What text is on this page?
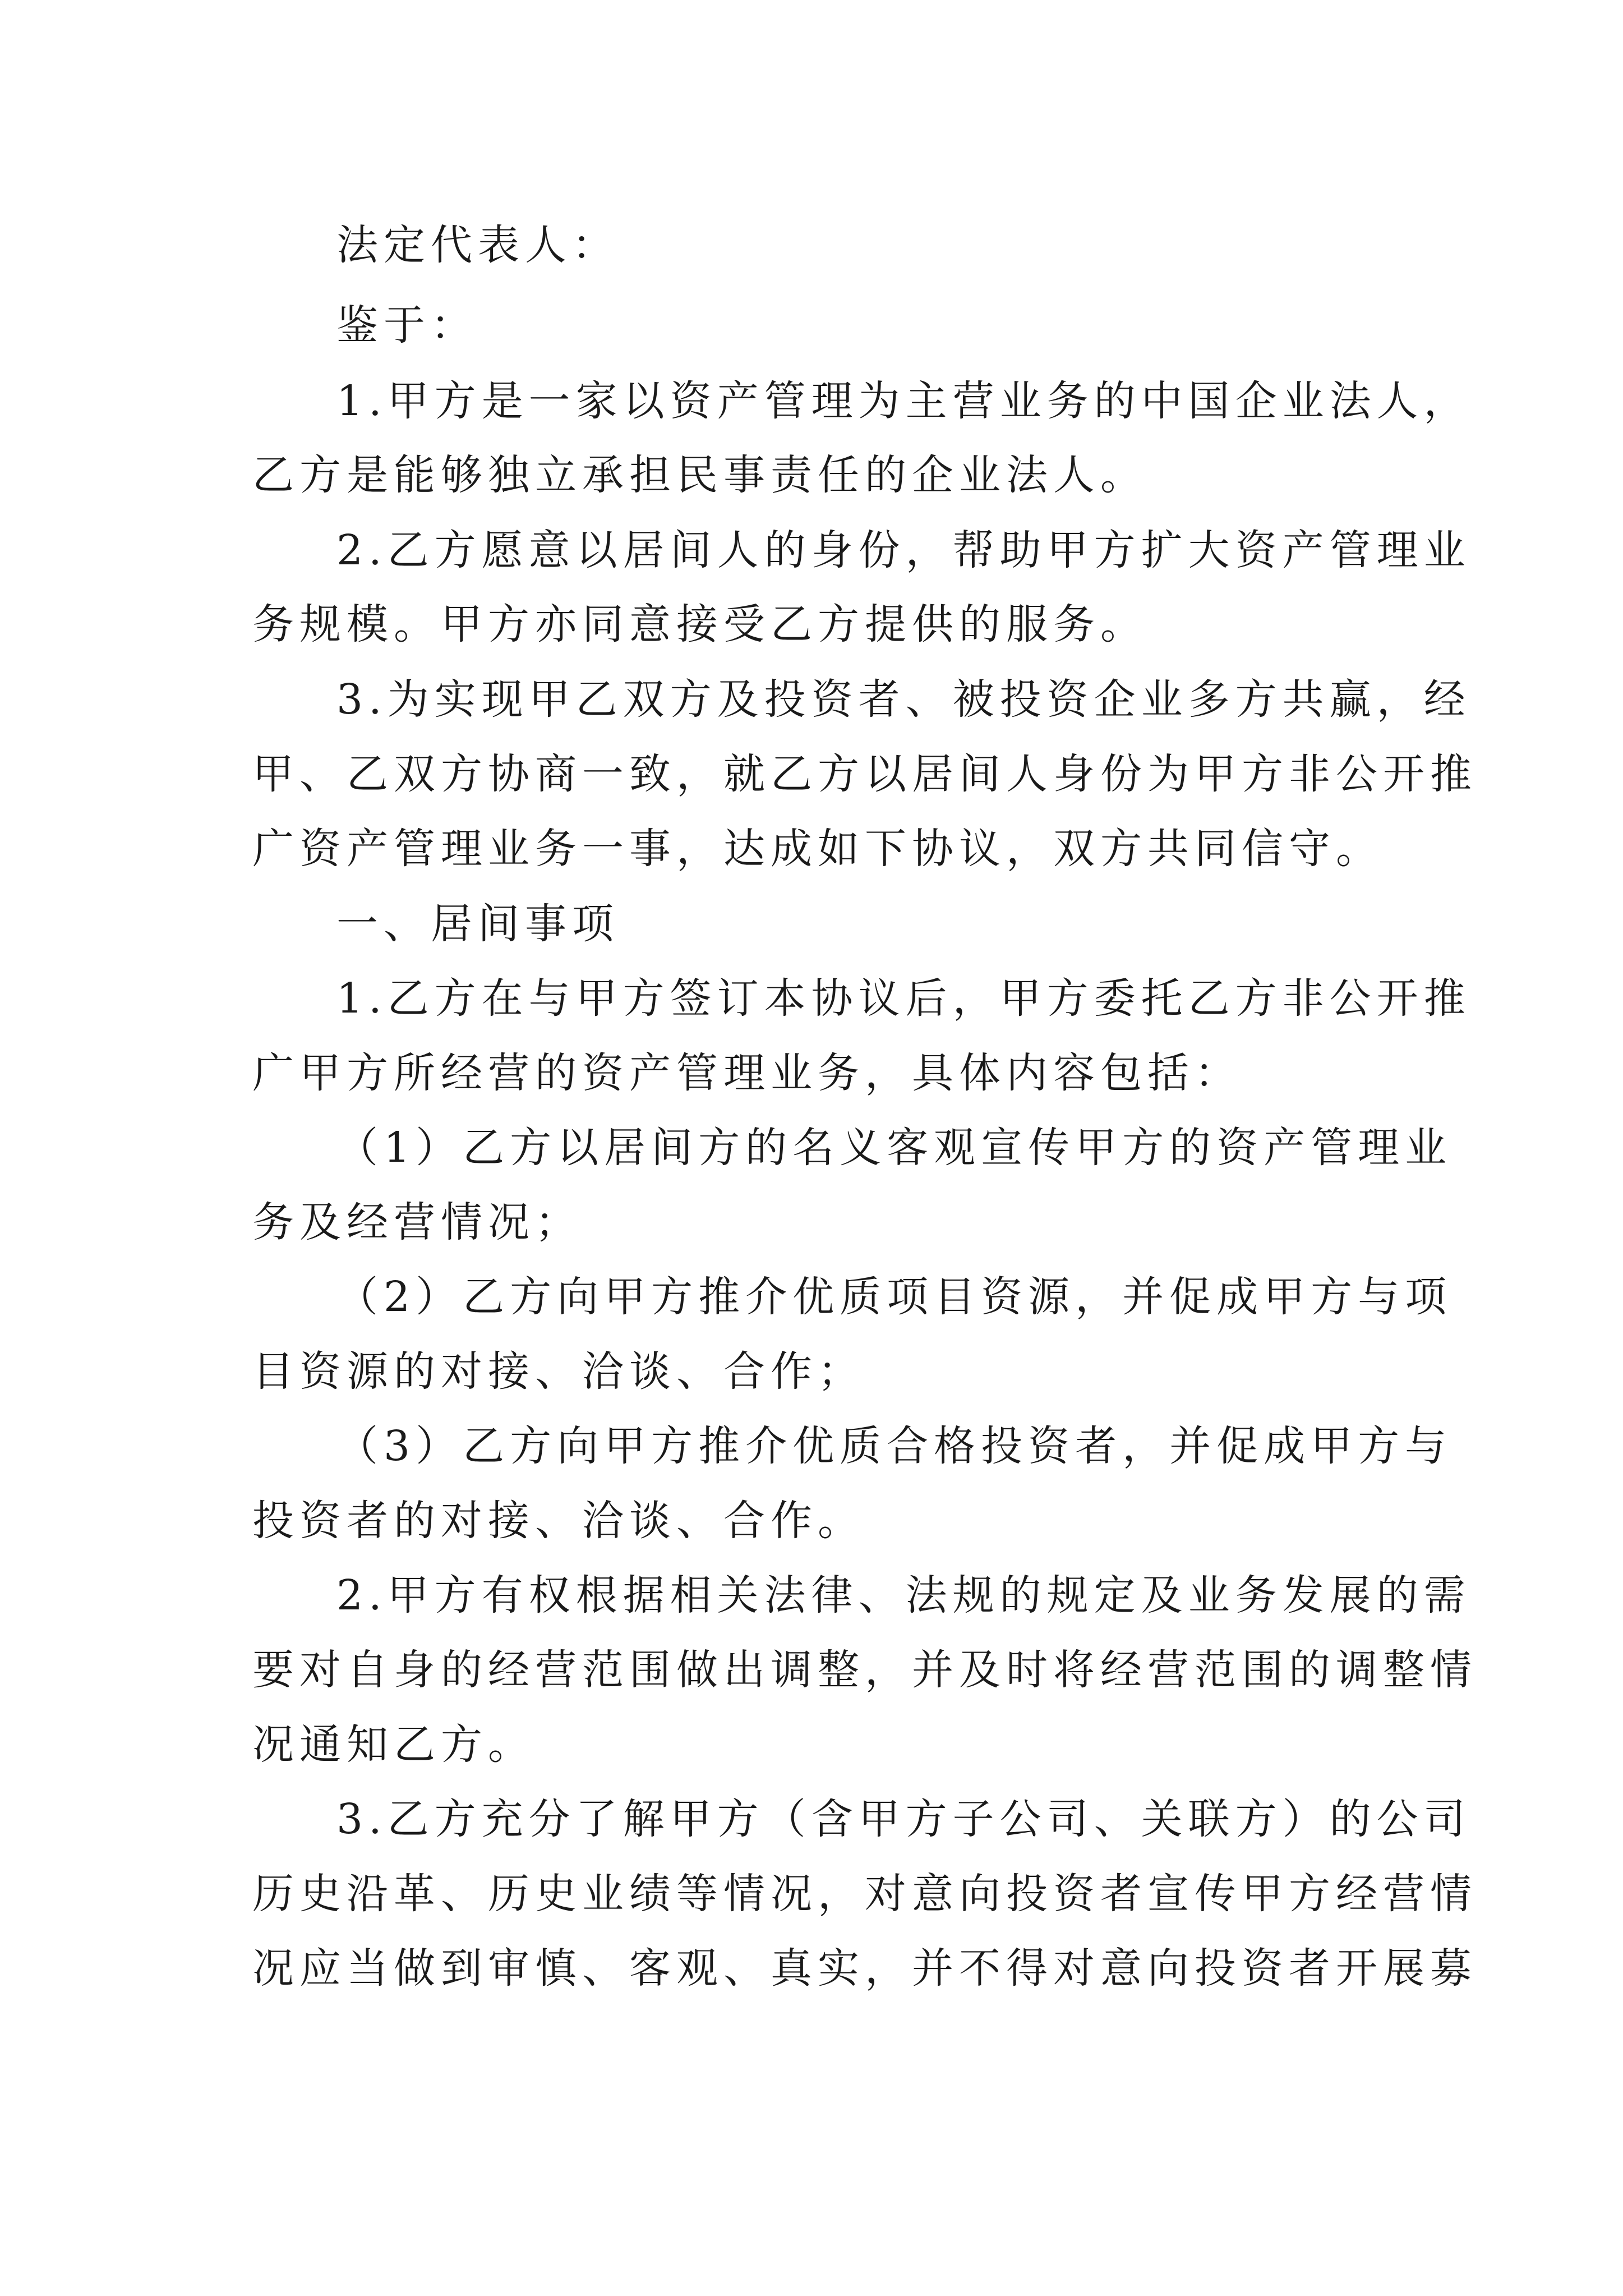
法定代表人：
鉴于：
1.甲方是一家以资产管理为主营业务的中国企业法人，
乙方是能够独立承担民事责任的企业法人。
2.乙方愿意以居间人的身份，帮助甲方扩大资产管理业
务规模。甲方亦同意接受乙方提供的服务。
3.为实现甲乙双方及投资者、被投资企业多方共赢，经
甲、乙双方协商一致，就乙方以居间人身份为甲方非公开推
广资产管理业务一事，达成如下协议，双方共同信守。
一、居间事项
1.乙方在与甲方签订本协议后，甲方委托乙方非公开推
广甲方所经营的资产管理业务，具体内容包括：
（1）乙方以居间方的名义客观宣传甲方的资产管理业
务及经营情况；
（2）乙方向甲方推介优质项目资源，并促成甲方与项
目资源的对接、洽谈、合作；
（3）乙方向甲方推介优质合格投资者，并促成甲方与
投资者的对接、洽谈、合作。
2.甲方有权根据相关法律、法规的规定及业务发展的需
要对自身的经营范围做出调整，并及时将经营范围的调整情
况通知乙方。
3.乙方充分了解甲方（含甲方子公司、关联方）的公司
历史沿革、历史业绩等情况，对意向投资者宣传甲方经营情
况应当做到审慎、客观、真实，并不得对意向投资者开展募
